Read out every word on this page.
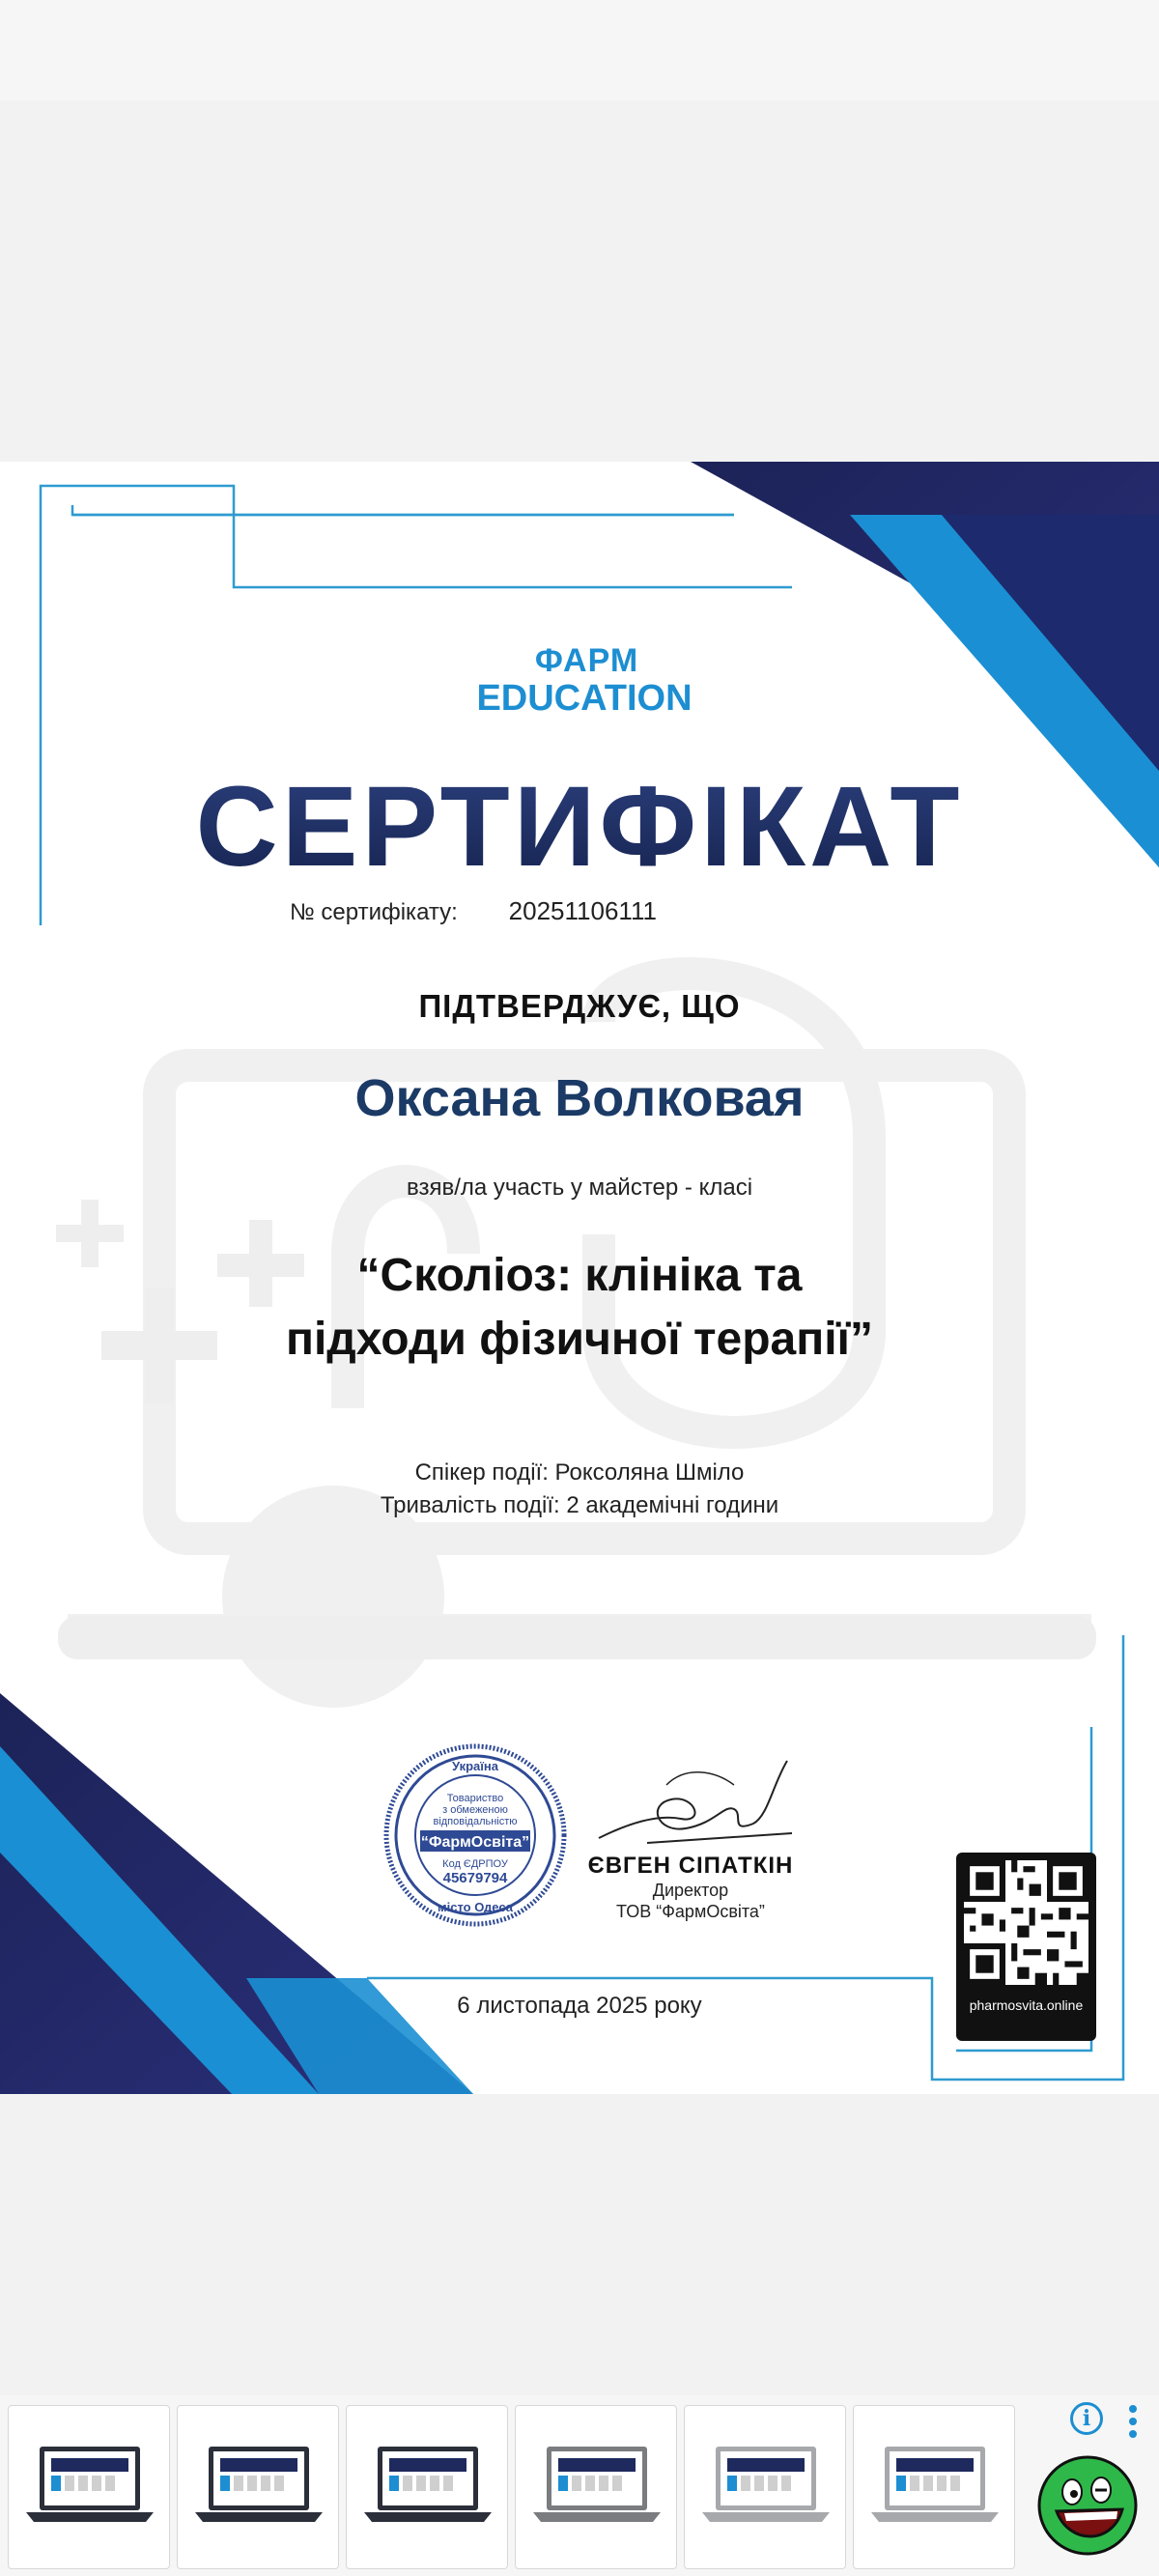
ФАРМ
EDUCATION
СЕРТИФІКАТ
№ сертифікату: 20251106111
ПІДТВЕРДЖУЄ, ЩО
Оксана Волковая
взяв/ла участь у майстер - класі
“Сколіоз: клініка та
підходи фізичної терапії”
Спікер події: Роксоляна Шміло
Тривалість події: 2 академічні години
Україна
місто Одеса
Товариство
з обмеженою
відповідальністю
“ФармОсвіта”
Код ЄДРПОУ
45679794	ЄВГЕН СІПАТКІН
Директор
ТОВ “ФармОсвіта”
pharmosvita.online
6 листопада 2025 року
i
